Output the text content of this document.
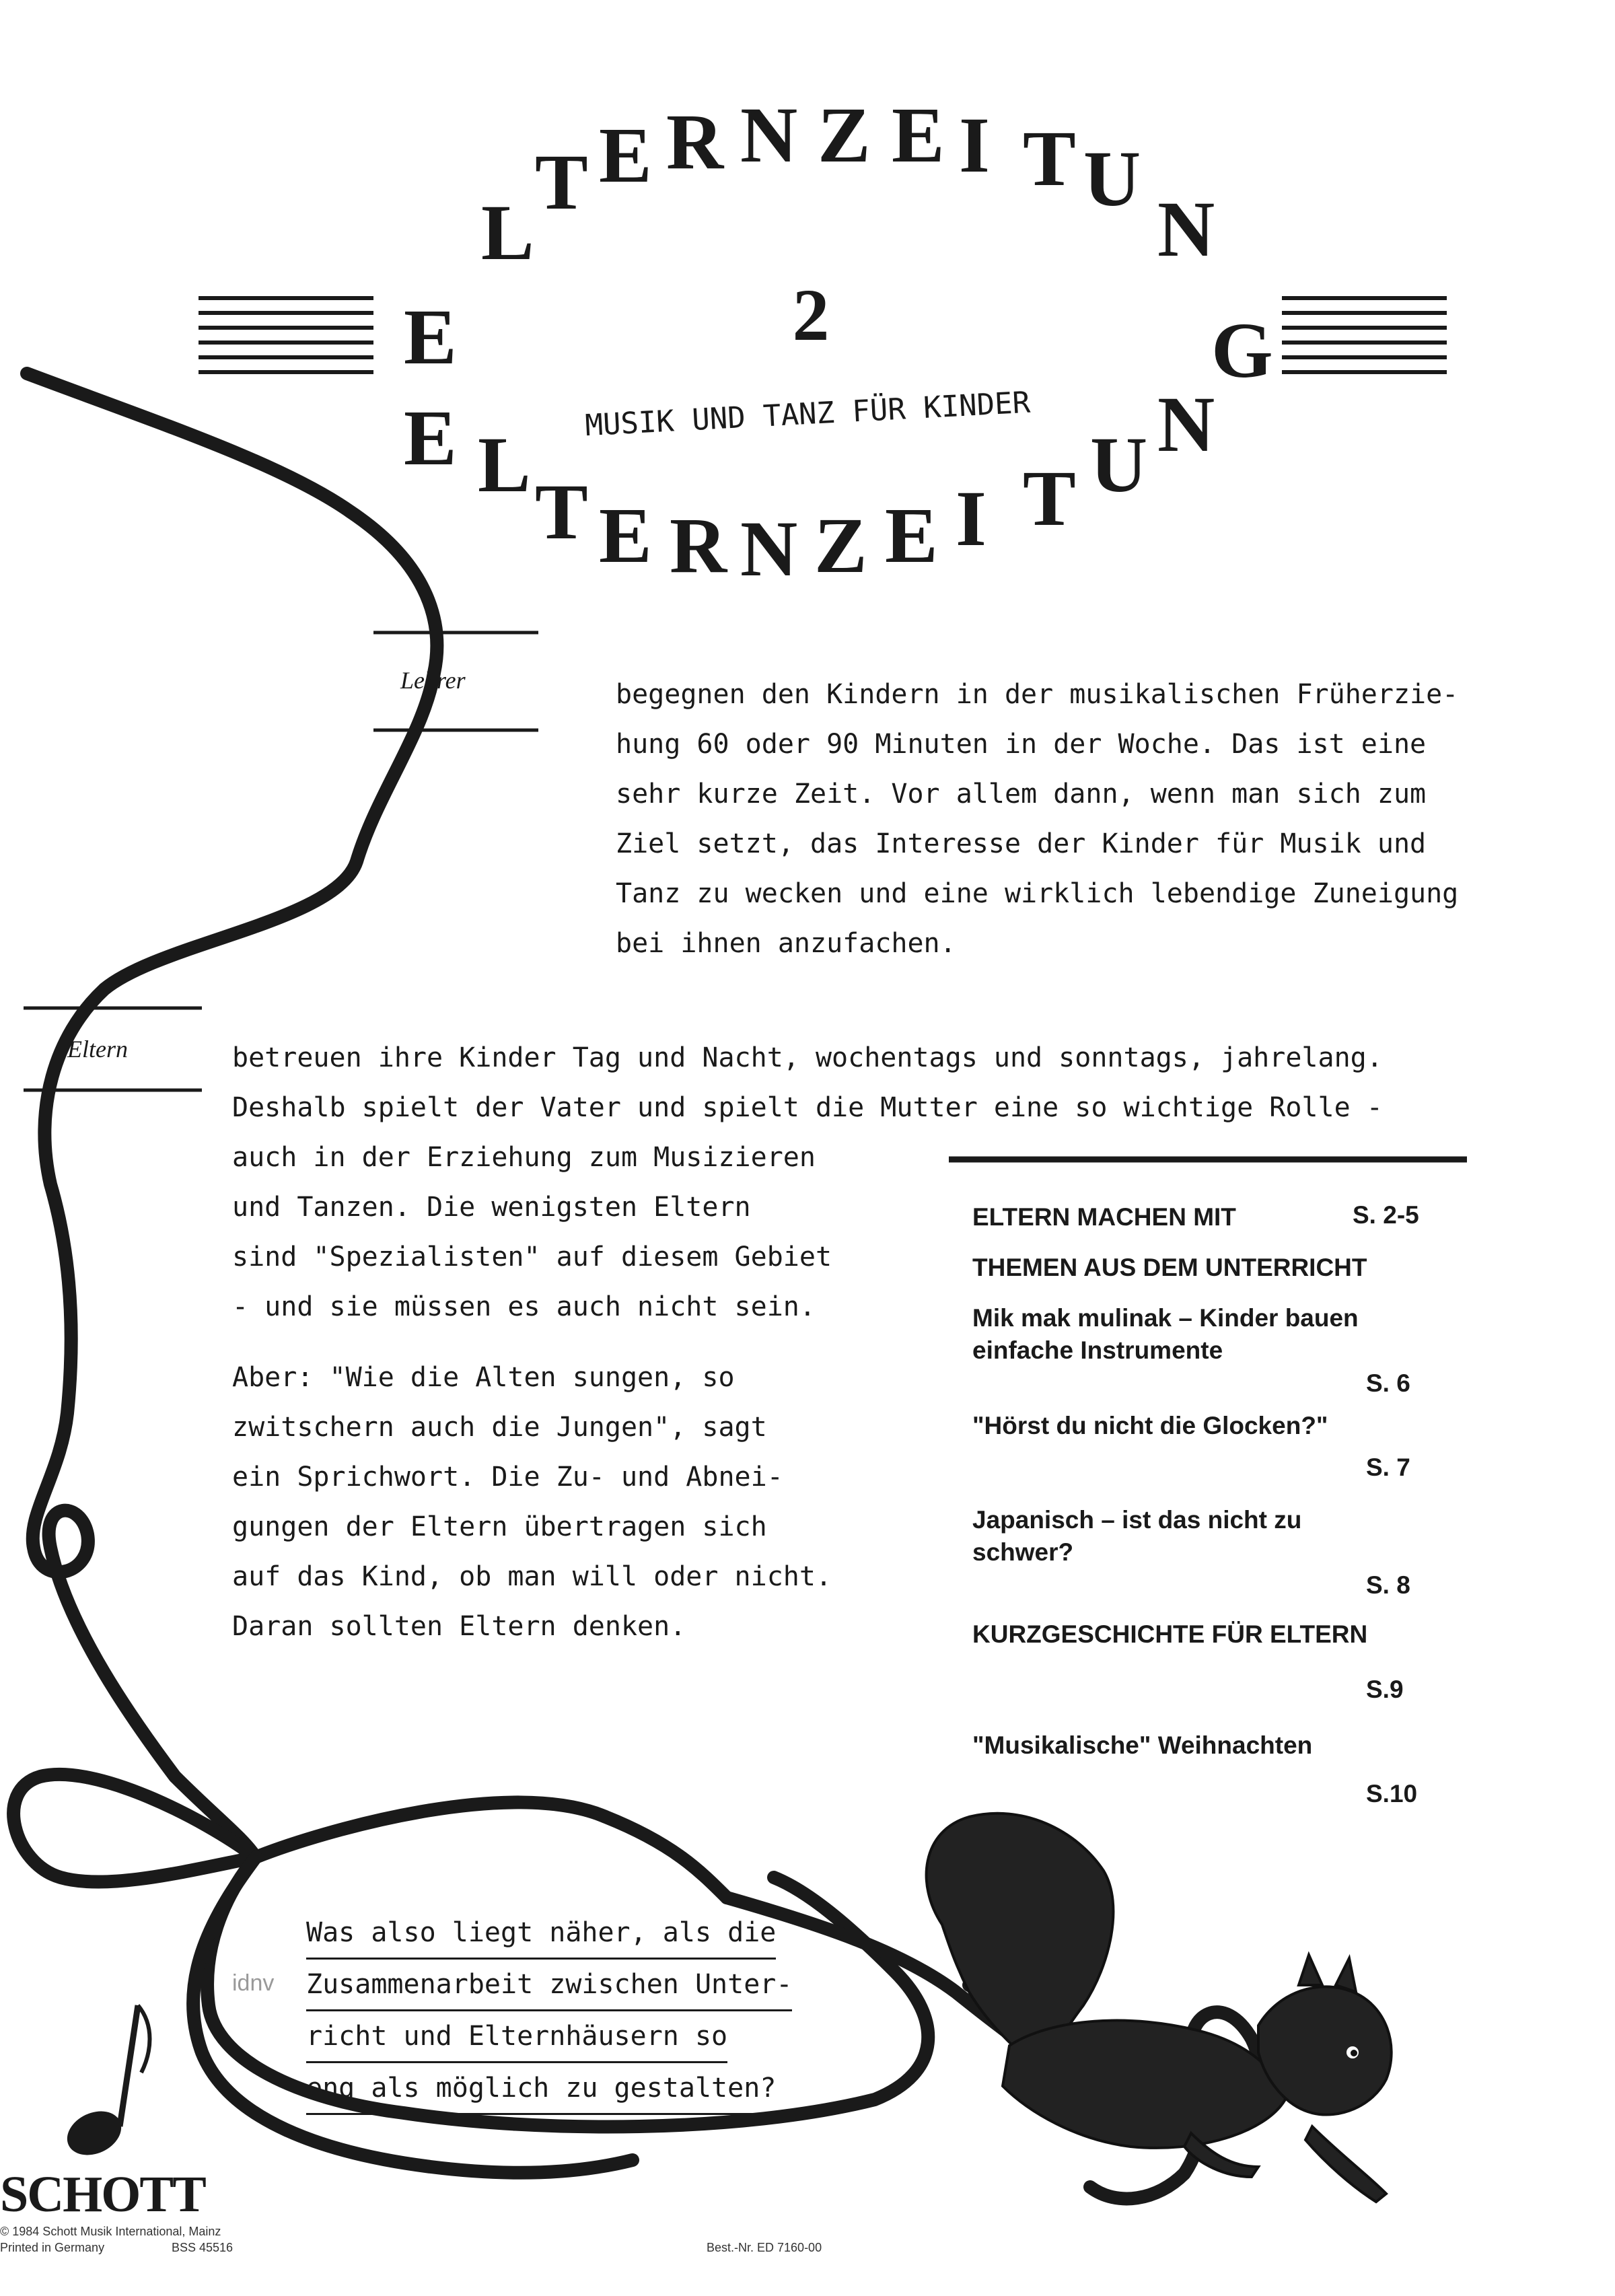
ELT E R N Z E I TUN G
E LT E R N Z E I T U N
2
MUSIK UND TANZ FÜR KINDER
Lehrer
Eltern
begegnen den Kindern in der musikalischen Früherzie-
hung 60 oder 90 Minuten in der Woche. Das ist eine
sehr kurze Zeit. Vor allem dann, wenn man sich zum
Ziel setzt, das Interesse der Kinder für Musik und
Tanz zu wecken und eine wirklich lebendige Zuneigung
bei ihnen anzufachen.
betreuen ihre Kinder Tag und Nacht, wochentags und sonntags, jahrelang.
Deshalb spielt der Vater und spielt die Mutter eine so wichtige Rolle -
auch in der Erziehung zum Musizieren
und Tanzen. Die wenigsten Eltern
sind "Spezialisten" auf diesem Gebiet
- und sie müssen es auch nicht sein.
Aber: "Wie die Alten sungen, so
zwitschern auch die Jungen", sagt
ein Sprichwort. Die Zu- und Abnei-
gungen der Eltern übertragen sich
auf das Kind, ob man will oder nicht.
Daran sollten Eltern denken.
ELTERN MACHEN MIT	S. 2-5
THEMEN AUS DEM UNTERRICHT
Mik mak mulinak – Kinder bauen
einfache Instrumente
S. 6
"Hörst du nicht die Glocken?"
S. 7
Japanisch – ist das nicht zu
schwer?
S. 8
KURZGESCHICHTE FÜR ELTERN
S.9
"Musikalische" Weihnachten
S.10
Was also liegt näher, als die
Zusammenarbeit zwischen Unter-
richt und Elternhäusern so
eng als möglich zu gestalten?
idnv
SCHOTT
© 1984 Schott Musik International, Mainz
Printed in Germany	BSS 45516	Best.-Nr. ED 7160-00
